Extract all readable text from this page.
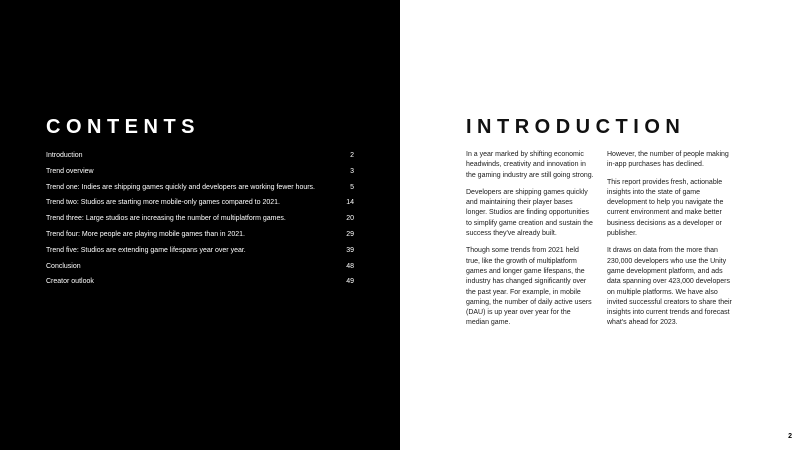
CONTENTS
Introduction	2
Trend overview	3
Trend one: Indies are shipping games quickly and developers are working fewer hours.	5
Trend two: Studios are starting more mobile-only games compared to 2021.	14
Trend three: Large studios are increasing the number of multiplatform games.	20
Trend four: More people are playing mobile games than in 2021.	29
Trend five: Studios are extending game lifespans year over year.	39
Conclusion	48
Creator outlook	49
INTRODUCTION

In a year marked by shifting economic headwinds, creativity and innovation in the gaming industry are still going strong.

Developers are shipping games quickly and maintaining their player bases longer. Studios are finding opportunities to simplify game creation and sustain the success they've already built.

Though some trends from 2021 held true, like the growth of multiplatform games and longer game lifespans, the industry has changed significantly over the past year. For example, in mobile gaming, the number of daily active users (DAU) is up year over year for the median game.

However, the number of people making in-app purchases has declined.

This report provides fresh, actionable insights into the state of game development to help you navigate the current environment and make better business decisions as a developer or publisher.

It draws on data from the more than 230,000 developers who use the Unity game development platform, and ads data spanning over 423,000 developers on multiple platforms. We have also invited successful creators to share their insights into current trends and forecast what's ahead for 2023.

2
